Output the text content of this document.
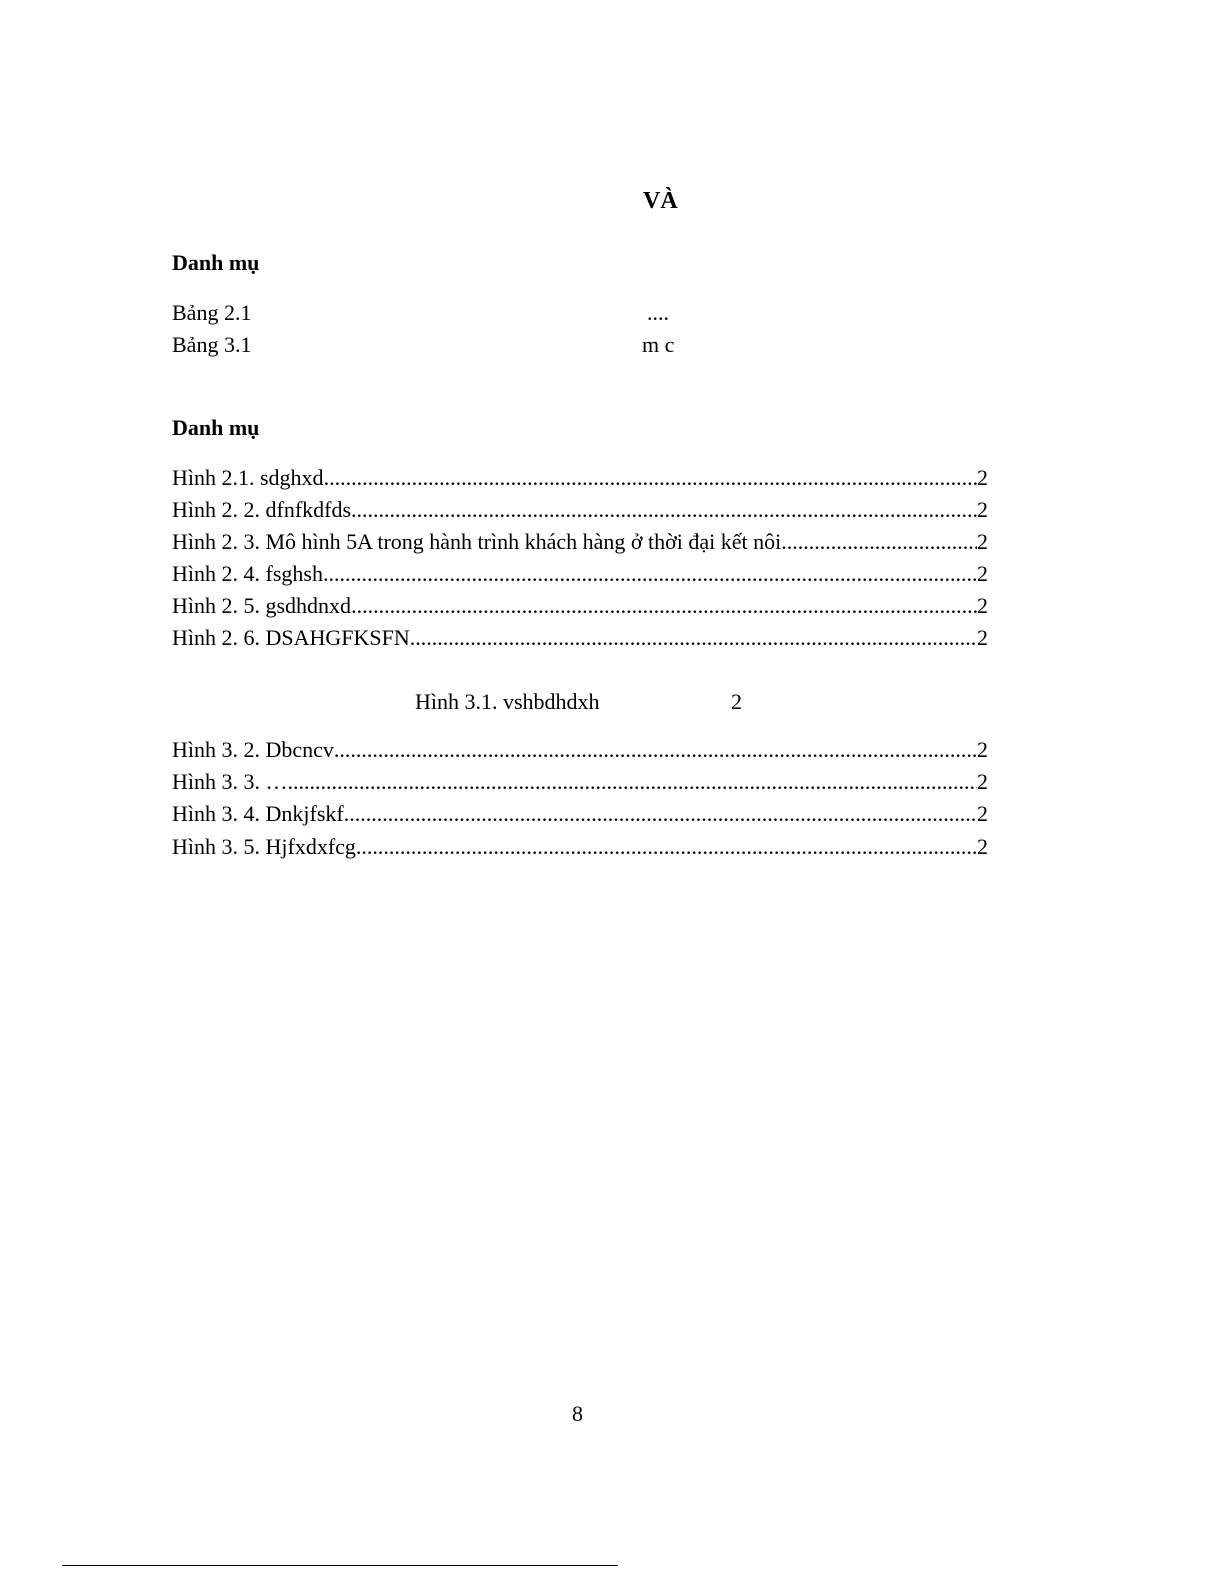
VÀ
Danh mụ
Bảng 2.1	....
Bảng 3.1	m c
Danh mụ
Hình 2.1. sdghxd .....	2
Hình 2. 2. dfnfkdfds .....	2
Hình 2. 3. Mô hình 5A trong hành trình khách hàng ở thời đại kết nôi .....	2
Hình 2. 4. fsghsh .....	2
Hình 2. 5. gsdhdnxd .....	2
Hình 2. 6. DSAHGFKSFN .....	2
Hình 3.1. vshbdhdxh	2
Hình 3. 2. Dbcncv .....	2
Hình 3. 3. … .....	2
Hình 3. 4. Dnkjfskf .....	2
Hình 3. 5. Hjfxdxfcg .....	2
8
